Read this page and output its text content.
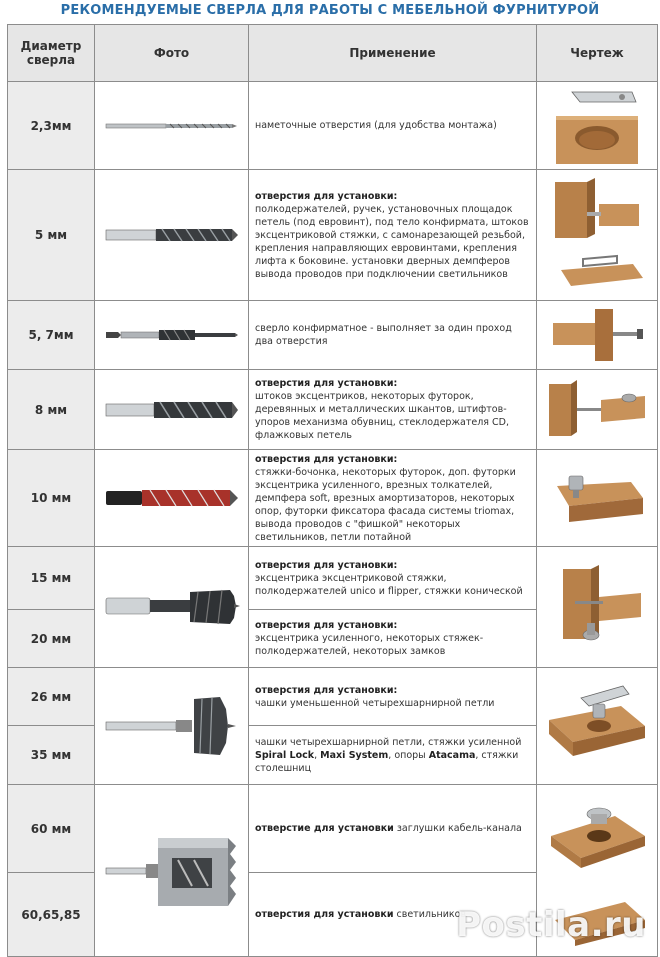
РЕКОМЕНДУЕМЫЕ СВЕРЛА ДЛЯ РАБОТЫ С МЕБЕЛЬНОЙ ФУРНИТУРОЙ
Диаметр сверла	Фото	Применение	Чертеж
2,3мм		наметочные отверстия (для удобства монтажа)	

5 мм		отверстия для установки:
полкодержателей, ручек, установочных площадок петель (под евровинт), под тело конфирмата, штоков эксцентриковой стяжки, с самонарезающей резьбой, крепления направляющих евровинтами, крепления лифта к боковине. установки дверных демпферов вывода проводов при подключении светильников	

5, 7мм		сверло конфирматное - выполняет за один проход два отверстия	

8 мм		отверстия для установки:
штоков эксцентриков, некоторых футорок, деревянных и металлических шкантов, штифтов-упоров механизма обувниц, стеклодержателя CD, флажковых петель	

10 мм		отверстия для установки:
стяжки-бочонка, некоторых футорок, доп. футорки эксцентрика усиленного, врезных толкателей, демпфера soft, врезных амортизаторов, некоторых опор, футорки фиксатора фасада системы triomax, вывода проводов с "фишкой" некоторых светильников, петли потайной	

15 мм		отверстия для установки:
эксцентрика эксцентриковой стяжки, полкодержателей unico и flipper, стяжки конической	

20 мм		отверстия для установки:
эксцентрика усиленного, некоторых стяжек-полкодержателей, некоторых замков	
26 мм		отверстия для установки:
чашки уменьшенной четырехшарнирной петли	

35 мм		чашки четырехшарнирной петли, стяжки усиленной Spiral Lock, Maxi System, опоры Atacama, стяжки столешниц	
60 мм		отверстие для установки заглушки кабель-канала	

60,65,85		отверстия для установки светильников	
Postila.ru
